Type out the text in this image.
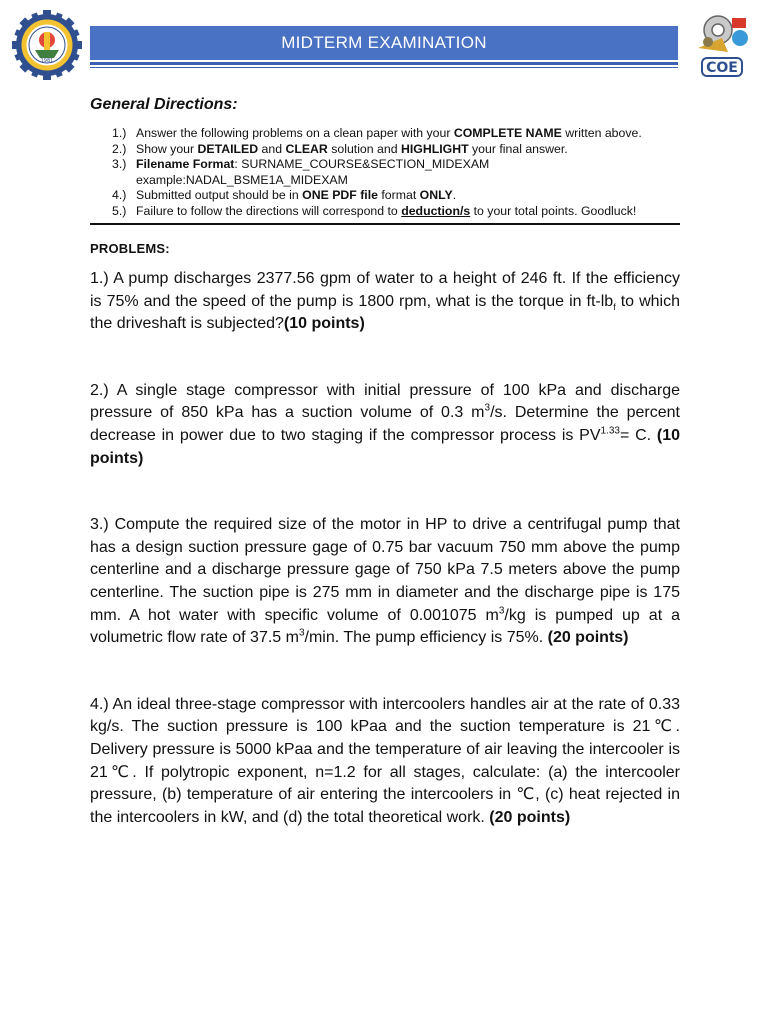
1981
MIDTERM EXAMINATION
COE
General Directions:
1.) Answer the following problems on a clean paper with your COMPLETE NAME written above.
2.) Show your DETAILED and CLEAR solution and HIGHLIGHT your final answer.
3.) Filename Format: SURNAME_COURSE&SECTION_MIDEXAM
example:NADAL_BSME1A_MIDEXAM
4.) Submitted output should be in ONE PDF file format ONLY.
5.) Failure to follow the directions will correspond to deduction/s to your total points. Goodluck!
PROBLEMS:
1.) A pump discharges 2377.56 gpm of water to a height of 246 ft. If the efficiency is 75% and the speed of the pump is 1800 rpm, what is the torque in $ft-lb_f$ to which the driveshaft is subjected?(10 points)
2.) A single stage compressor with initial pressure of 100 kPa and discharge pressure of 850 kPa has a suction volume of 0.3 $m^3/s$. Determine the percent decrease in power due to two staging if the compressor process is $PV^{1.33}= C$. (10 points)
3.) Compute the required size of the motor in HP to drive a centrifugal pump that has a design suction pressure gage of 0.75 bar vacuum 750 mm above the pump centerline and a discharge pressure gage of 750 kPa 7.5 meters above the pump centerline. The suction pipe is 275 mm in diameter and the discharge pipe is 175 mm. A hot water with specific volume of 0.001075 $m^3/kg$ is pumped up at a volumetric flow rate of 37.5 $m^3/\min$. The pump efficiency is 75%. (20 points)
4.) An ideal three-stage compressor with intercoolers handles air at the rate of 0.33 kg/s. The suction pressure is 100 kPaa and the suction temperature is 21℃. Delivery pressure is 5000 kPaa and the temperature of air leaving the intercooler is 21℃. If polytropic exponent, n=1.2 for all stages, calculate: (a) the intercooler pressure, (b) temperature of air entering the intercoolers in ℃, (c) heat rejected in the intercoolers in kW, and (d) the total theoretical work. (20 points)
